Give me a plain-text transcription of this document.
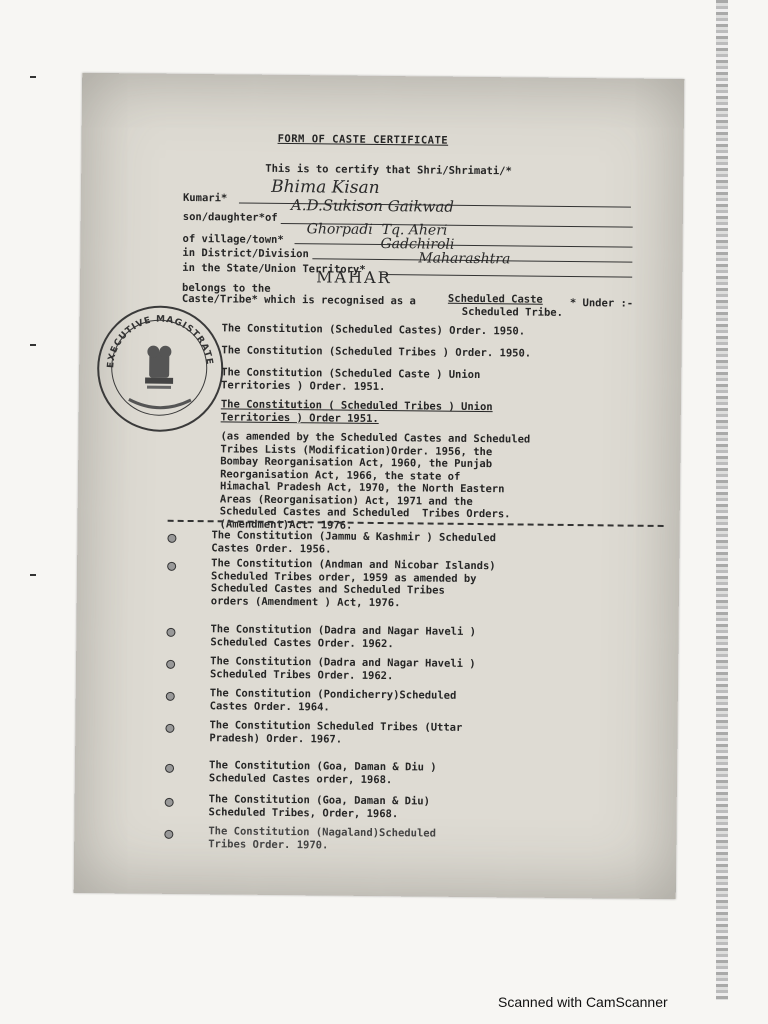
FORM OF CASTE CERTIFICATE
This is to certify that Shri/Shrimati/*
Kumari*
Bhima Kisan
son/daughter*of
A.D.Sukison Gaikwad
of village/town*
Ghorpadi  Tq. Aheri
in District/Division
Gadchiroli
in the State/Union Territory*
Maharashtra
belongs to the
MAHAR
Caste/Tribe* which is recognised as a	Scheduled Caste	* Under :-
Scheduled Tribe.
EXECUTIVE MAGISTRATE
The Constitution (Scheduled Castes) Order. 1950.
The Constitution (Scheduled Tribes ) Order. 1950.
The Constitution (Scheduled Caste ) Union
Territories ) Order. 1951.
The Constitution ( Scheduled Tribes ) Union
Territories ) Order 1951.
(as amended by the Scheduled Castes and Scheduled
Tribes Lists (Modification)Order. 1956, the
Bombay Reorganisation Act, 1960, the Punjab
Reorganisation Act, 1966, the state of
Himachal Pradesh Act, 1970, the North Eastern
Areas (Reorganisation) Act, 1971 and the
Scheduled Castes and Scheduled  Tribes Orders.
(Amendment)Act. 1976.
The Constitution (Jammu & Kashmir ) Scheduled
Castes Order. 1956.
The Constitution (Andman and Nicobar Islands)
Scheduled Tribes order, 1959 as amended by
Scheduled Castes and Scheduled Tribes
orders (Amendment ) Act, 1976.
The Constitution (Dadra and Nagar Haveli )
Scheduled Castes Order. 1962.
The Constitution (Dadra and Nagar Haveli )
Scheduled Tribes Order. 1962.
The Constitution (Pondicherry)Scheduled
Castes Order. 1964.
The Constitution Scheduled Tribes (Uttar
Pradesh) Order. 1967.
The Constitution (Goa, Daman & Diu )
Scheduled Castes order, 1968.
The Constitution (Goa, Daman & Diu)
Scheduled Tribes, Order, 1968.
The Constitution (Nagaland)Scheduled
Tribes Order. 1970.
Scanned with CamScanner
